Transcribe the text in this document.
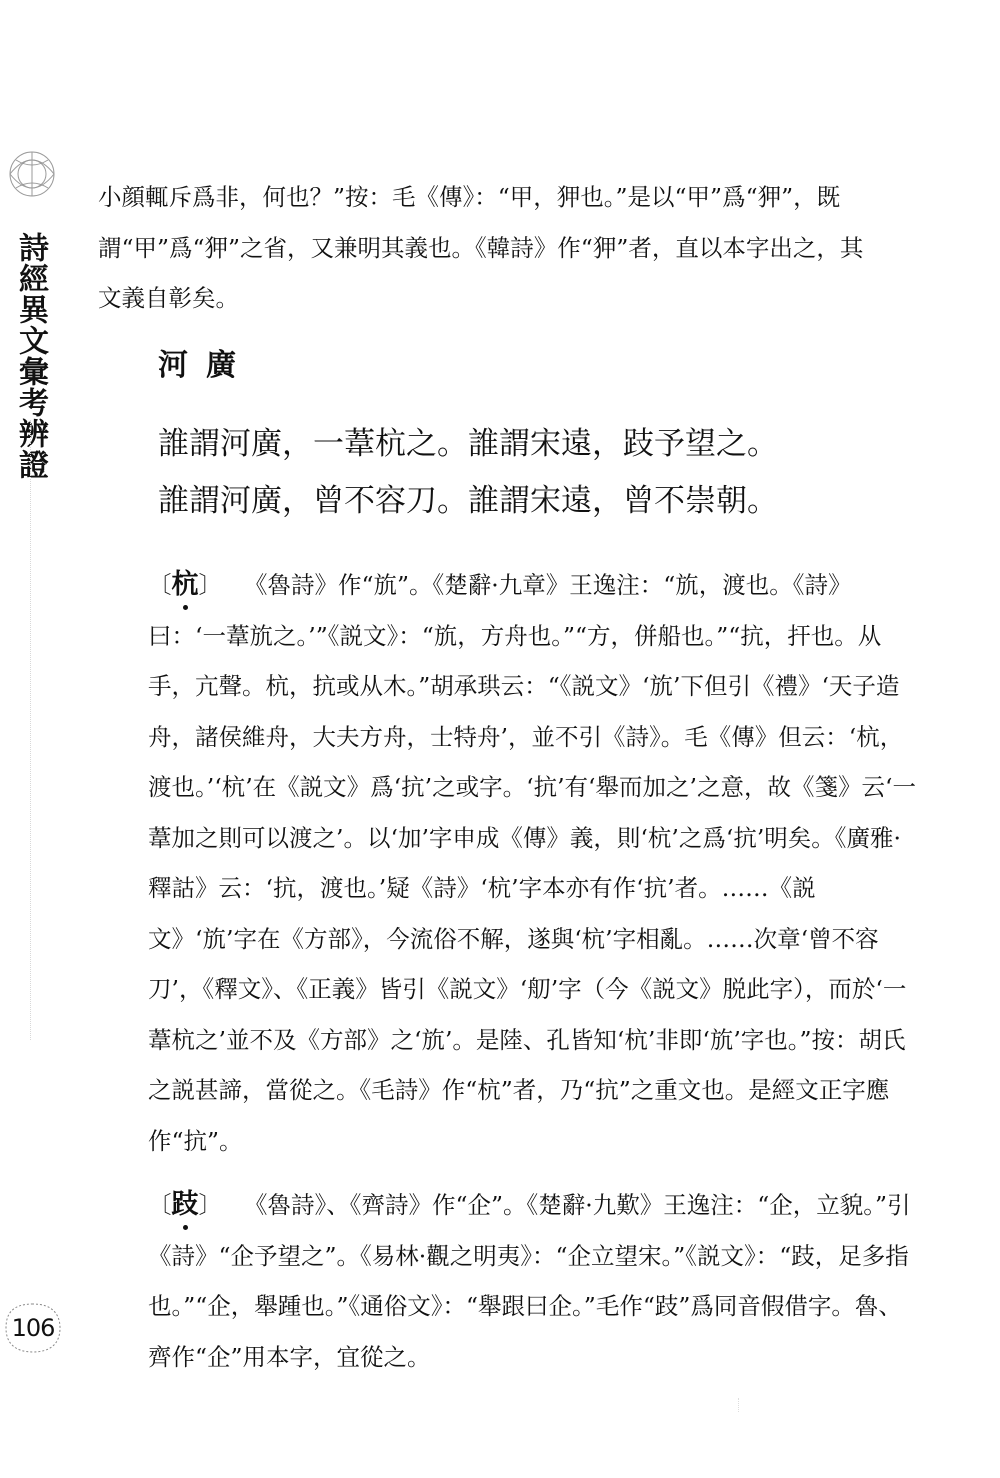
詩經異文彙考辨證

小顔輒斥爲非，何也？”按：毛《傳》：“甲，狎也。”是以“甲”爲“狎”，既謂“甲”爲“狎”之省，又兼明其義也。《韓詩》作“狎”者，直以本字出之，其文義自彰矣。

河廣
誰謂河廣，一葦杭之。誰謂宋遠，跂予望之。
誰謂河廣，曾不容刀。誰謂宋遠，曾不崇朝。

〔杭〕 《魯詩》作“斻”。《楚辭·九章》王逸注：“斻，渡也。《詩》曰：‘一葦斻之。’”《説文》：“斻，方舟也。”“方，併船也。”“抗，扞也。从手，亢聲。杭，抗或从木。”胡承珙云：“《説文》‘斻’下但引《禮》‘天子造舟，諸侯維舟，大夫方舟，士特舟’，並不引《詩》。毛《傳》但云：‘杭，渡也。’‘杭’在《説文》爲‘抗’之或字。‘抗’有‘舉而加之’之意，故《箋》云‘一葦加之則可以渡之’。以‘加’字申成《傳》義，則‘杭’之爲‘抗’明矣。《廣雅·釋詁》云：‘抗，渡也。’疑《詩》‘杭’字本亦有作‘抗’者。……《説文》‘斻’字在《方部》，今流俗不解，遂與‘杭’字相亂。……次章‘曾不容刀’，《釋文》、《正義》皆引《説文》‘舠’字（今《説文》脱此字），而於‘一葦杭之’並不及《方部》之‘斻’。是陸、孔皆知‘杭’非即‘斻’字也。”按：胡氏之説甚諦，當從之。《毛詩》作“杭”者，乃“抗”之重文也。是經文正字應作“抗”。

〔跂〕 《魯詩》、《齊詩》作“企”。《楚辭·九歎》王逸注：“企，立貌。”引《詩》“企予望之”。《易林·觀之明夷》：“企立望宋。”《説文》：“跂，足多指也。”“企，舉踵也。”《通俗文》：“舉跟曰企。”毛作“跂”爲同音假借字。魯、齊作“企”用本字，宜從之。

106
